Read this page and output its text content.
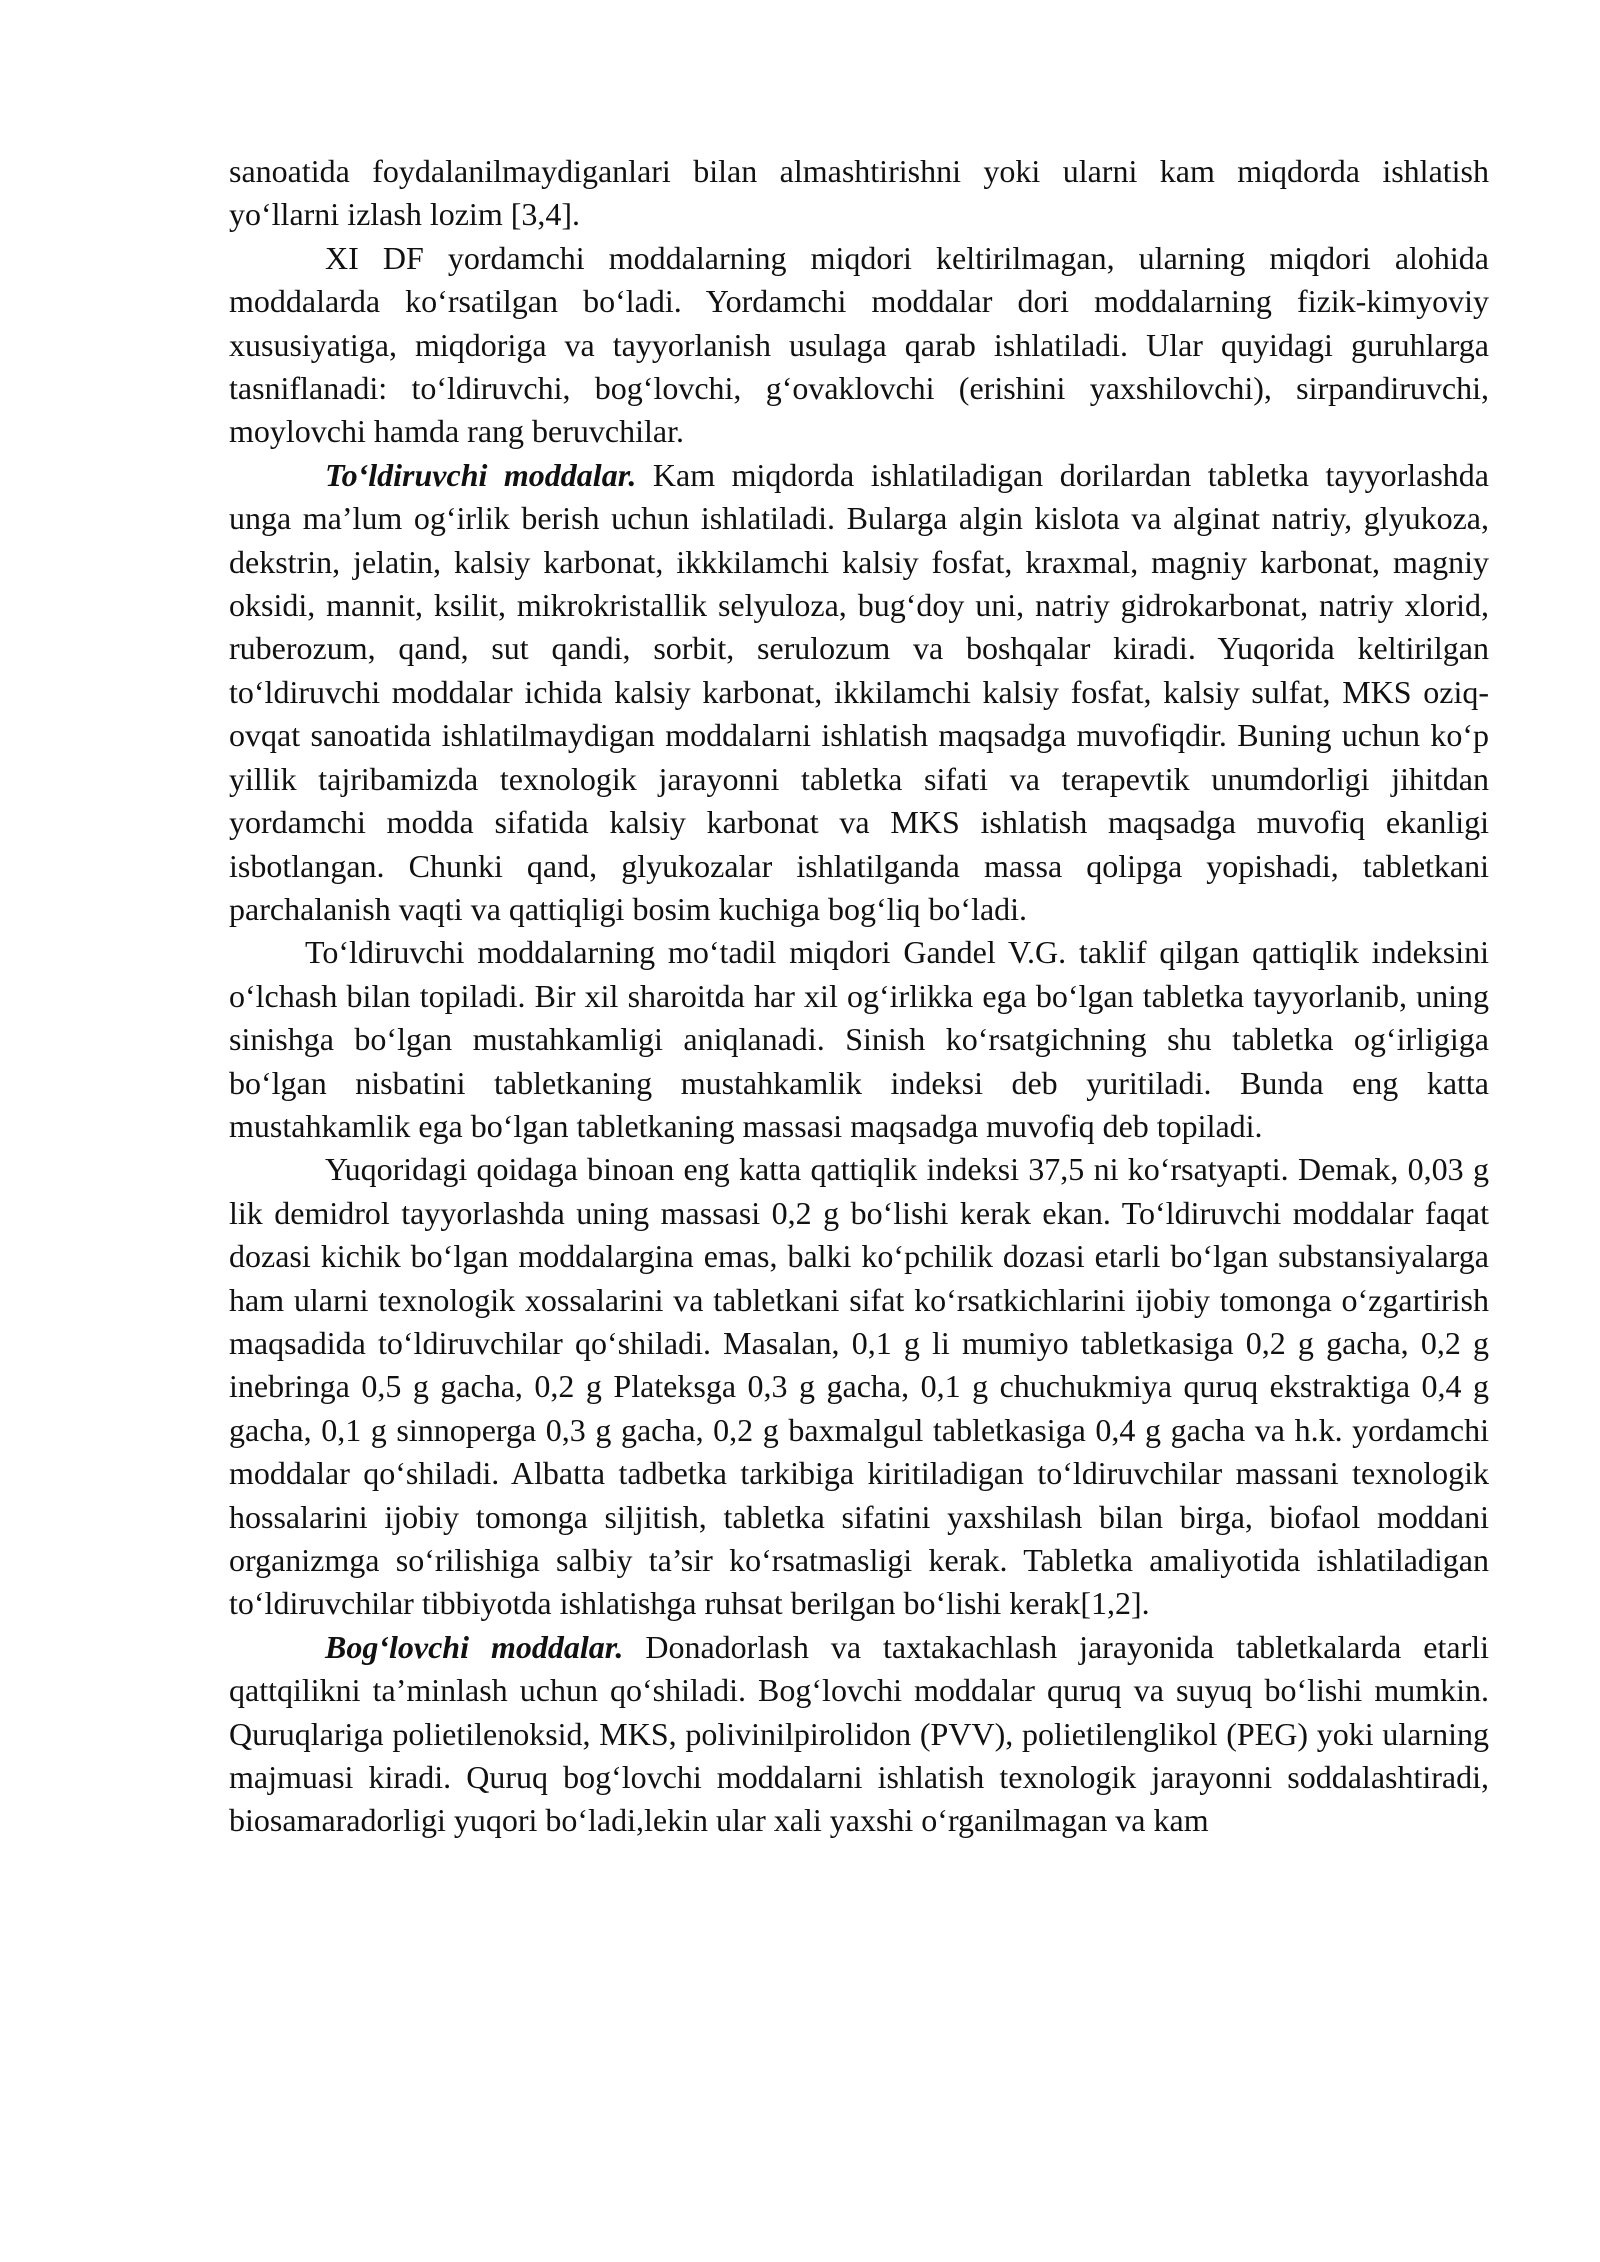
sanoatida foydalanilmaydiganlari bilan almashtirishni yoki ularni kam miqdorda ishlatish yo‘llarni izlash lozim [3,4].

XI DF yordamchi moddalarning miqdori keltirilmagan, ularning miqdori alohida moddalarda ko‘rsatilgan bo‘ladi. Yordamchi moddalar dori moddalarning fizik-kimyoviy xususiyatiga, miqdoriga va tayyorlanish usulaga qarab ishlatiladi. Ular quyidagi guruhlarga tasniflanadi: to‘ldiruvchi, bog‘lovchi, g‘ovaklovchi (erishini yaxshilovchi), sirpandiruvchi, moylovchi hamda rang beruvchilar.

To‘ldiruvchi moddalar. Kam miqdorda ishlatiladigan dorilardan tabletka tayyorlashda unga ma’lum og‘irlik berish uchun ishlatiladi. Bularga algin kislota va alginat natriy, glyukoza, dekstrin, jelatin, kalsiy karbonat, ikkkilamchi kalsiy fosfat, kraxmal, magniy karbonat, magniy oksidi, mannit, ksilit, mikrokristallik selyuloza, bug‘doy uni, natriy gidrokarbonat, natriy xlorid, ruberozum, qand, sut qandi, sorbit, serulozum va boshqalar kiradi. Yuqorida keltirilgan to‘ldiruvchi moddalar ichida kalsiy karbonat, ikkilamchi kalsiy fosfat, kalsiy sulfat, MKS oziq-ovqat sanoatida ishlatilmaydigan moddalarni ishlatish maqsadga muvofiqdir. Buning uchun ko‘p yillik tajribamizda texnologik jarayonni tabletka sifati va terapevtik unumdorligi jihitdan yordamchi modda sifatida kalsiy karbonat va MKS ishlatish maqsadga muvofiq ekanligi isbotlangan. Chunki qand, glyukozalar ishlatilganda massa qolipga yopishadi, tabletkani parchalanish vaqti va qattiqligi bosim kuchiga bog‘liq bo‘ladi.

To‘ldiruvchi moddalarning mo‘tadil miqdori Gandel V.G. taklif qilgan qattiqlik indeksini o‘lchash bilan topiladi. Bir xil sharoitda har xil og‘irlikka ega bo‘lgan tabletka tayyorlanib, uning sinishga bo‘lgan mustahkamligi aniqlanadi. Sinish ko‘rsatgichning shu tabletka og‘irligiga bo‘lgan nisbatini tabletkaning mustahkamlik indeksi deb yuritiladi. Bunda eng katta mustahkamlik ega bo‘lgan tabletkaning massasi maqsadga muvofiq deb topiladi.

Yuqoridagi qoidaga binoan eng katta qattiqlik indeksi 37,5 ni ko‘rsatyapti. Demak, 0,03 g lik demidrol tayyorlashda uning massasi 0,2 g bo‘lishi kerak ekan. To‘ldiruvchi moddalar faqat dozasi kichik bo‘lgan moddalargina emas, balki ko‘pchilik dozasi etarli bo‘lgan substansiyalarga ham ularni texnologik xossalarini va tabletkani sifat ko‘rsatkichlarini ijobiy tomonga o‘zgartirish maqsadida to‘ldiruvchilar qo‘shiladi. Masalan, 0,1 g li mumiyo tabletkasiga 0,2 g gacha, 0,2 g inebringa 0,5 g gacha, 0,2 g Plateksga 0,3 g gacha, 0,1 g chuchukmiya quruq ekstraktiga 0,4 g gacha, 0,1 g sinnoperga 0,3 g gacha, 0,2 g baxmalgul tabletkasiga 0,4 g gacha va h.k. yordamchi moddalar qo‘shiladi. Albatta tadbetka tarkibiga kiritiladigan to‘ldiruvchilar massani texnologik hossalarini ijobiy tomonga siljitish, tabletka sifatini yaxshilash bilan birga, biofaol moddani organizmga so‘rilishiga salbiy ta’sir ko‘rsatmasligi kerak. Tabletka amaliyotida ishlatiladigan to‘ldiruvchilar tibbiyotda ishlatishga ruhsat berilgan bo‘lishi kerak[1,2].

Bog‘lovchi moddalar. Donadorlash va taxtakachlash jarayonida tabletkalarda etarli qattqilikni ta’minlash uchun qo‘shiladi. Bog‘lovchi moddalar quruq va suyuq bo‘lishi mumkin. Quruqlariga polietilenoksid, MKS, polivinilpirolidon (PVV), polietilenglikol (PEG) yoki ularning majmuasi kiradi. Quruq bog‘lovchi moddalarni ishlatish texnologik jarayonni soddalashtiradi, biosamaradorligi yuqori bo‘ladi,lekin ular xali yaxshi o‘rganilmagan va kam
